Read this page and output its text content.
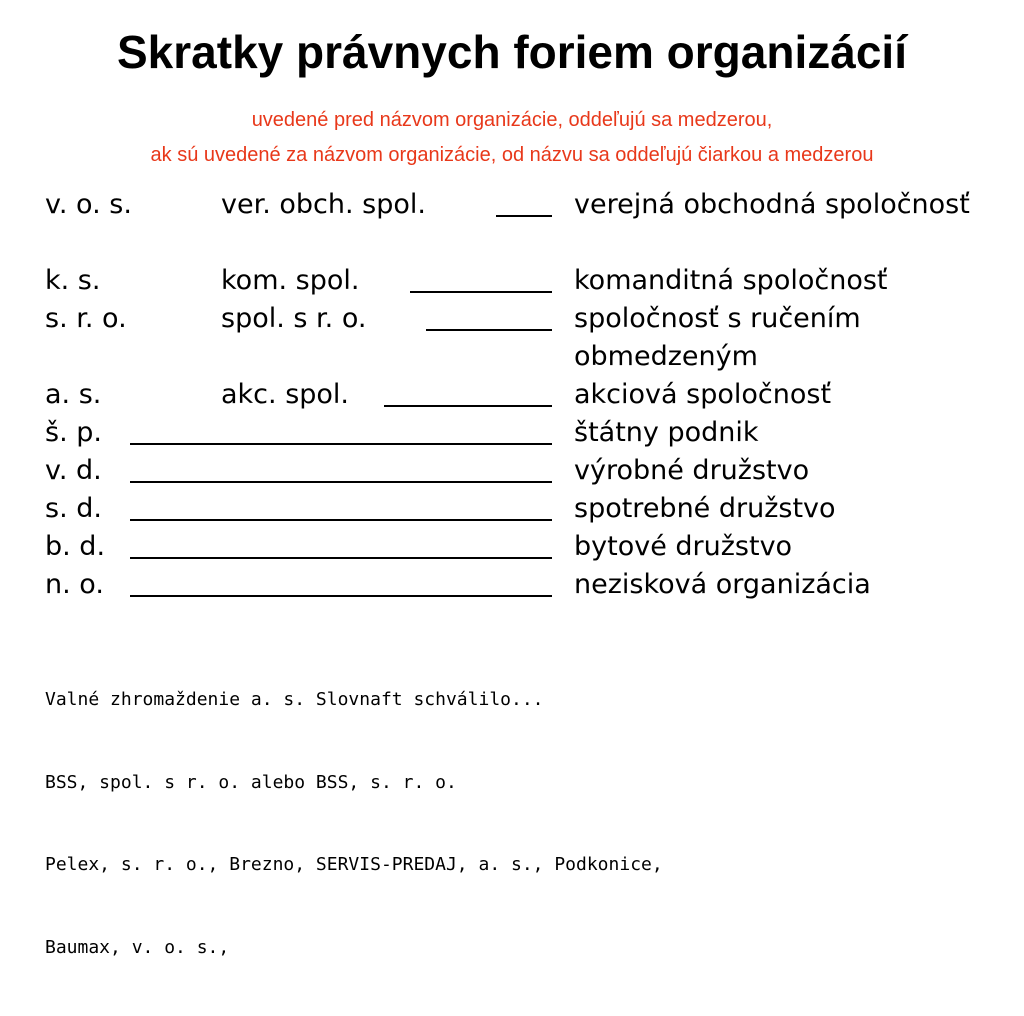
Skratky právnych foriem organizácií
uvedené pred názvom organizácie, oddeľujú sa medzerou,
ak sú uvedené za názvom organizácie, od názvu sa oddeľujú čiarkou a medzerou
v. o. s.	ver. obch. spol.	verejná obchodná spoločnosť
k. s.	kom. spol.	komanditná spoločnosť
s. r. o.	spol. s r. o.	spoločnosť s ručením obmedzeným
a. s.	akc. spol.	akciová spoločnosť
š. p.	štátny podnik
v. d.	výrobné družstvo
s. d.	spotrebné družstvo
b. d.	bytové družstvo
n. o.	nezisková organizácia

Valné zhromaždenie a. s. Slovnaft schválilo...

BSS, spol. s r. o. alebo BSS, s. r. o.

Pelex, s. r. o., Brezno, SERVIS-PREDAJ, a. s., Podkonice,

Baumax, v. o. s.,
